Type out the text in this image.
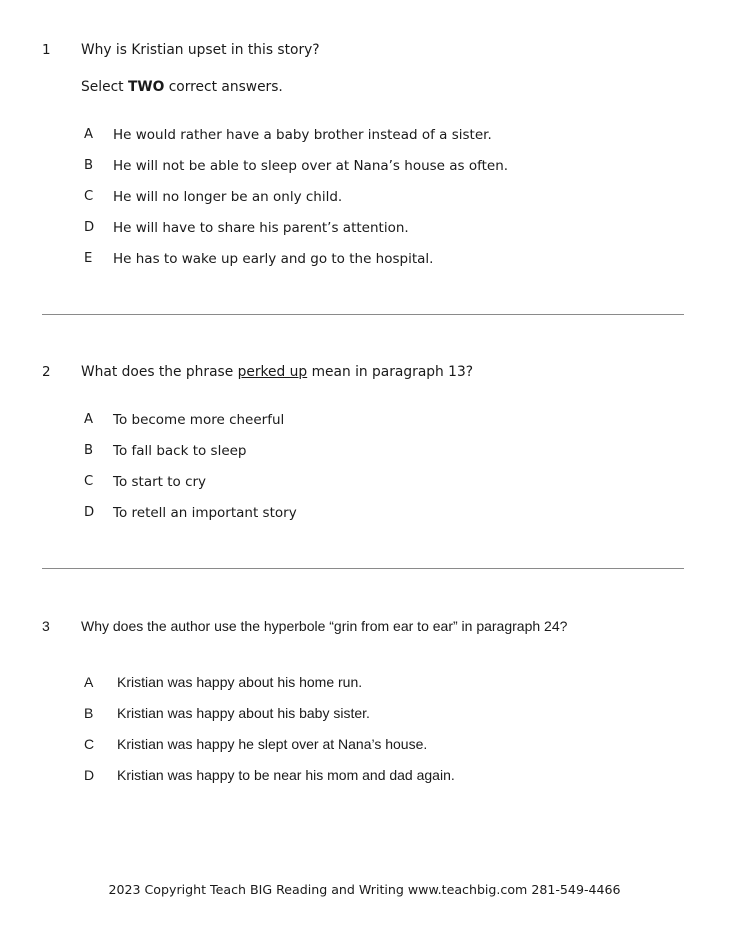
1 Why is Kristian upset in this story?
Select TWO correct answers.
A He would rather have a baby brother instead of a sister.
B He will not be able to sleep over at Nana’s house as often.
C He will no longer be an only child.
D He will have to share his parent’s attention.
E He has to wake up early and go to the hospital.
2 What does the phrase perked up mean in paragraph 13?
A To become more cheerful
B To fall back to sleep
C To start to cry
D To retell an important story
3 Why does the author use the hyperbole “grin from ear to ear” in paragraph 24?
A Kristian was happy about his home run.
B Kristian was happy about his baby sister.
C Kristian was happy he slept over at Nana’s house.
D Kristian was happy to be near his mom and dad again.
2023 Copyright Teach BIG Reading and Writing www.teachbig.com 281-549-4466
